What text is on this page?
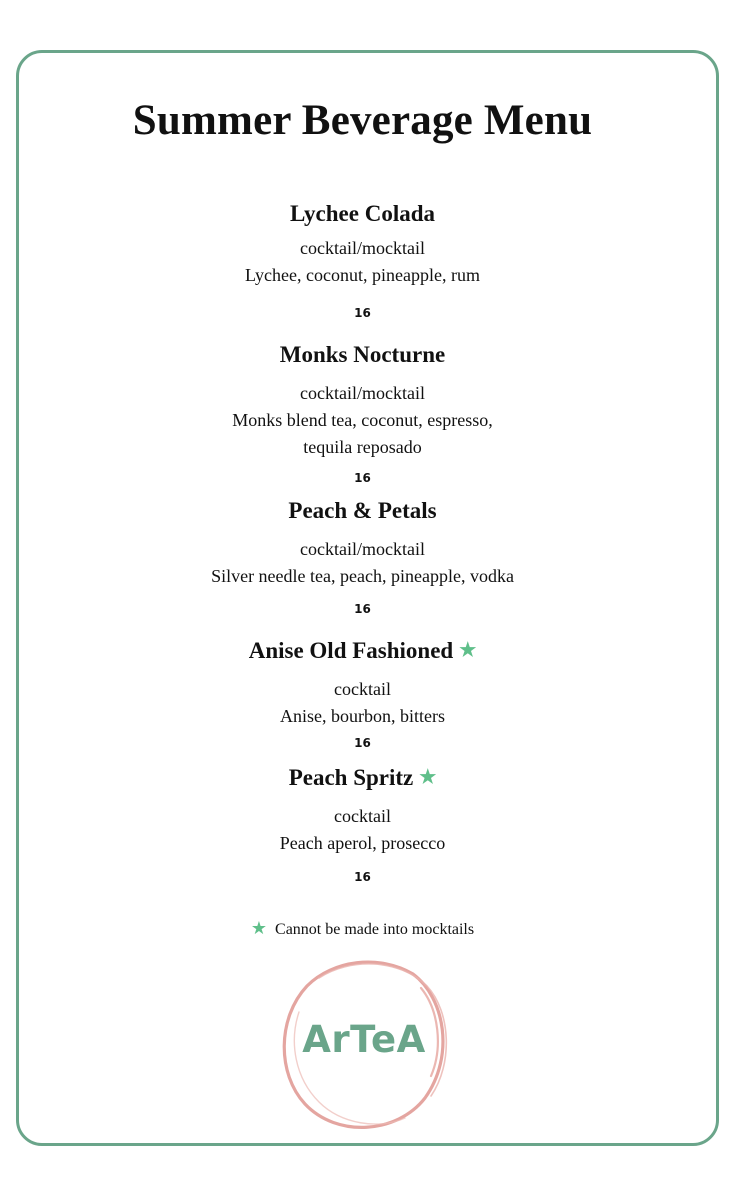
Summer Beverage Menu

Lychee Colada

cocktail/mocktail

Lychee, coconut, pineapple, rum

16

Monks Nocturne

cocktail/mocktail

Monks blend tea, coconut, espresso,

tequila reposado

16

Peach & Petals

cocktail/mocktail

Silver needle tea, peach, pineapple, vodka

16

Anise Old Fashioned ★

cocktail

Anise, bourbon, bitters

16

Peach Spritz ★

cocktail

Peach aperol, prosecco

16

★ Cannot be made into mocktails
ArTeA
